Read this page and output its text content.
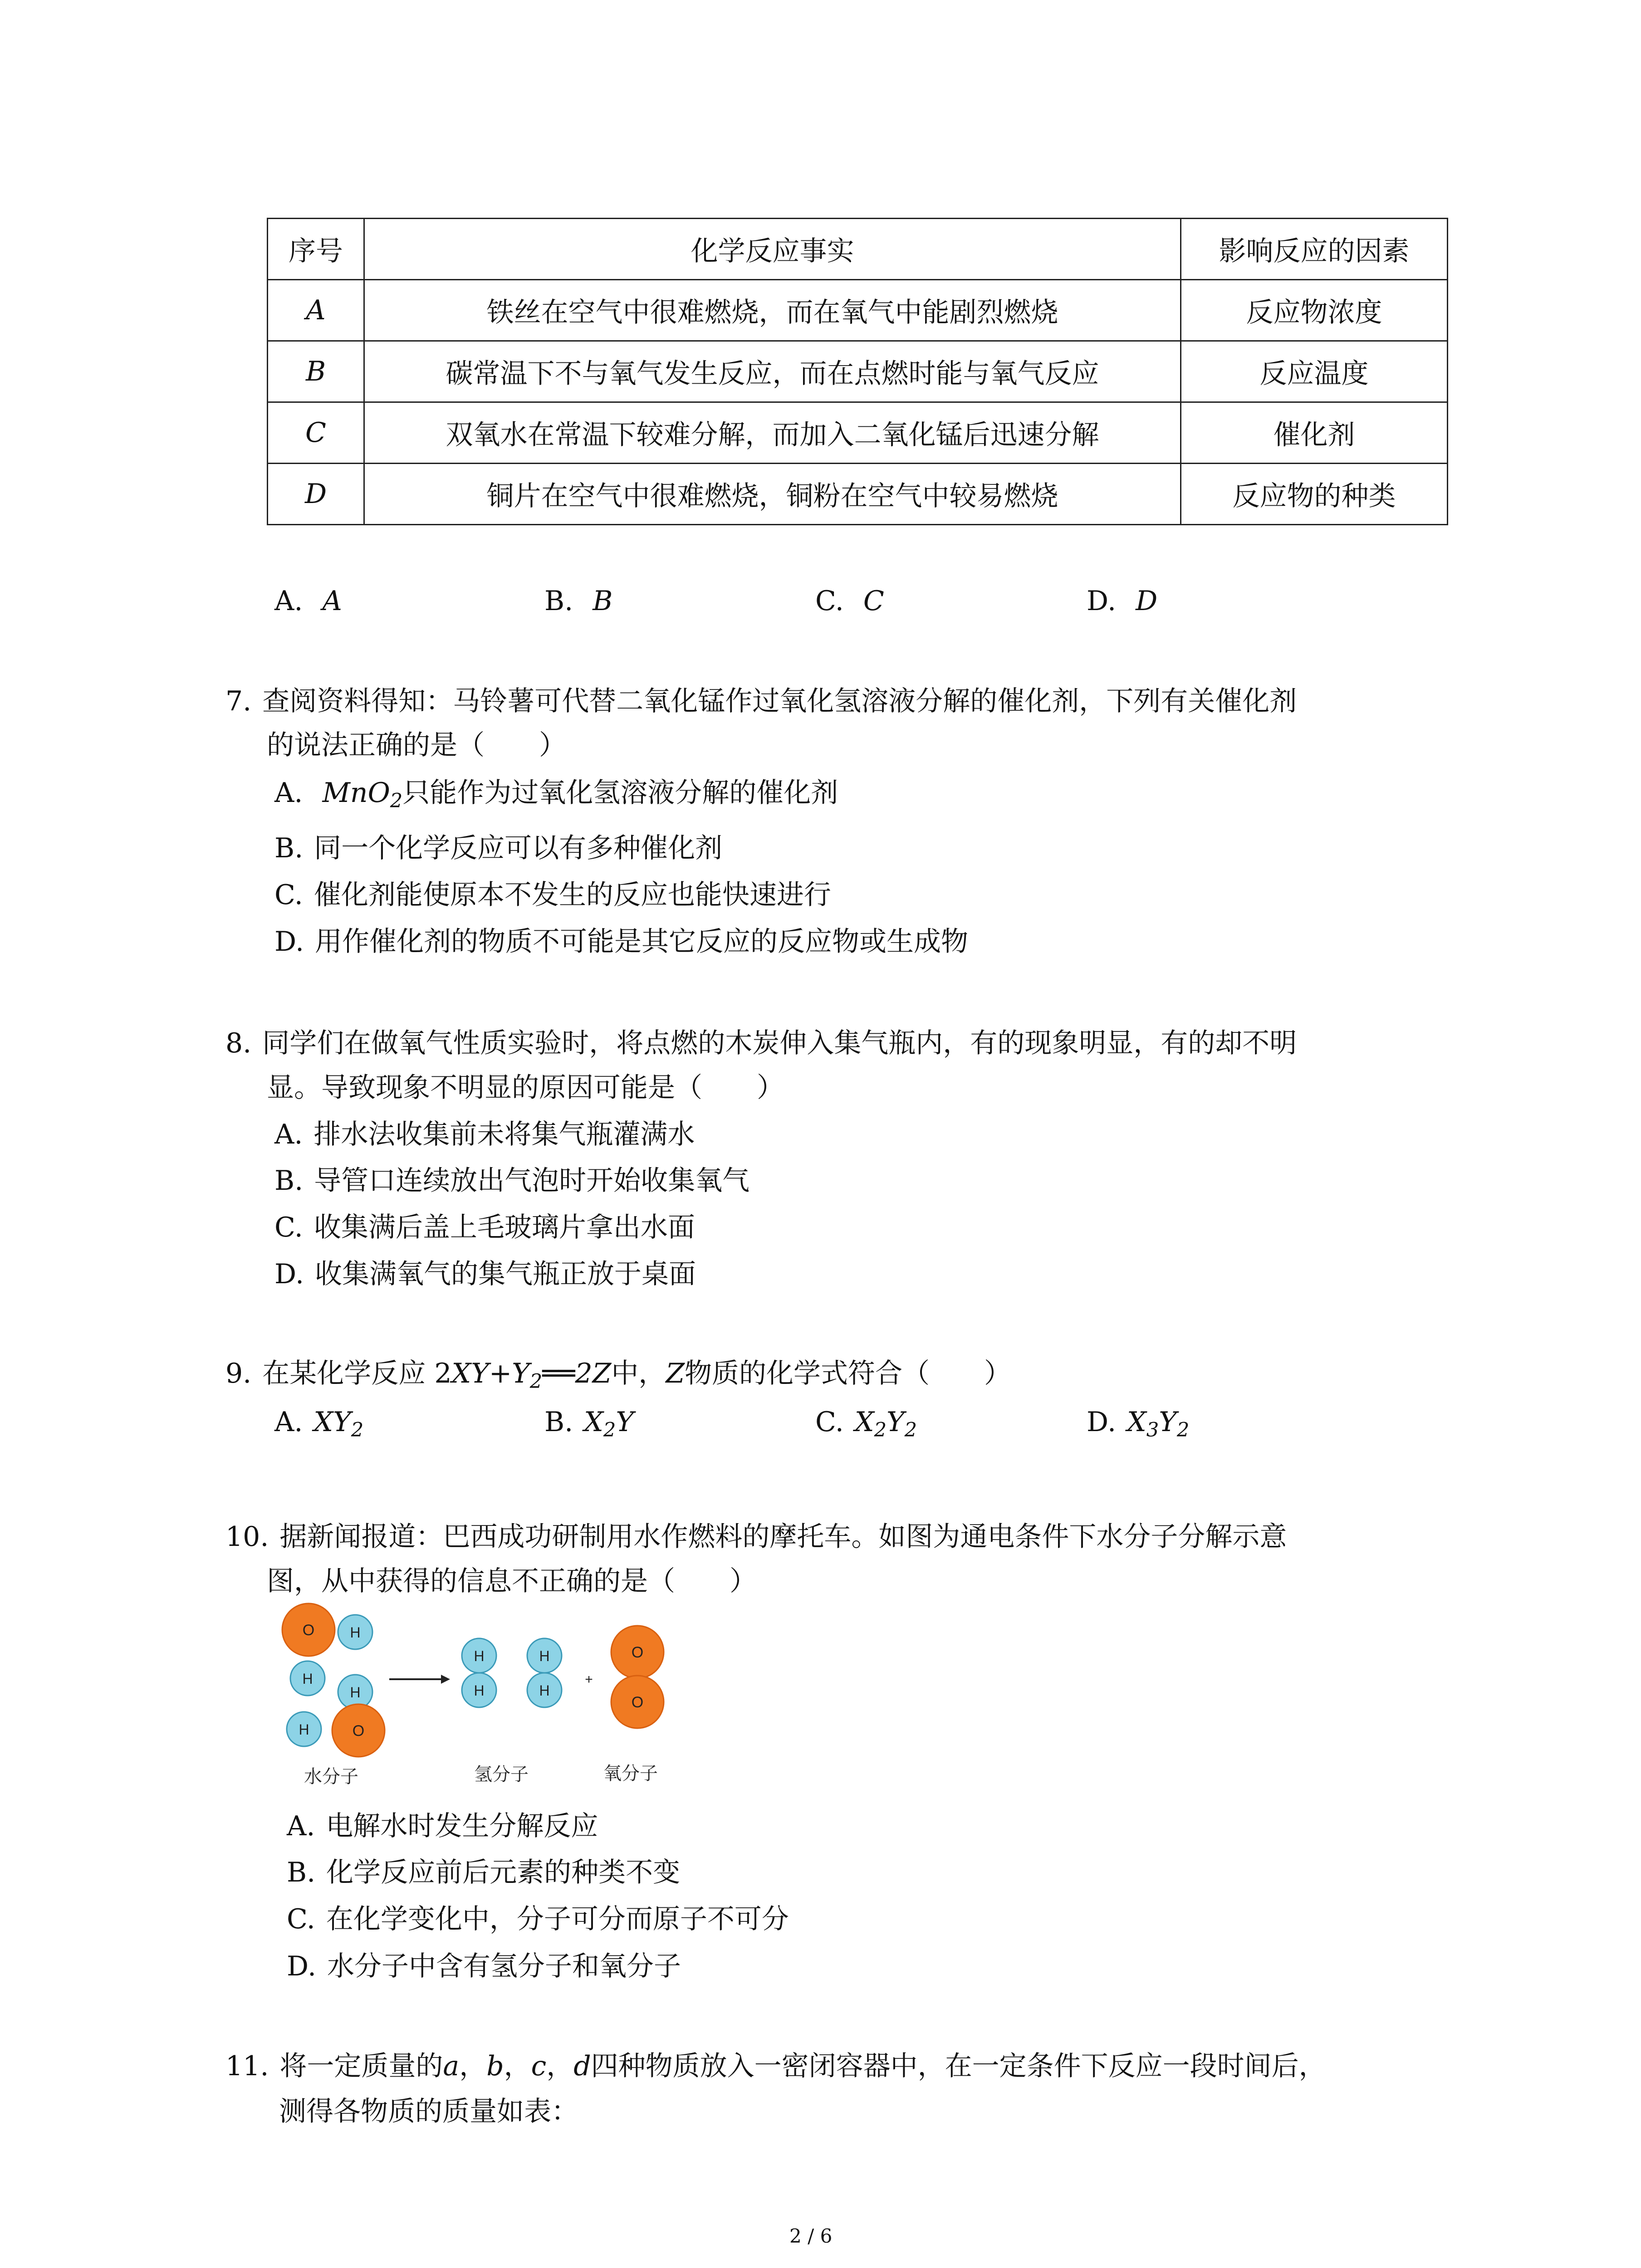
序号	化学反应事实	影响反应的因素
A	铁丝在空气中很难燃烧，而在氧气中能剧烈燃烧	反应物浓度
B	碳常温下不与氧气发生反应，而在点燃时能与氧气反应	反应温度
C	双氧水在常温下较难分解，而加入二氧化锰后迅速分解	催化剂
D	铜片在空气中很难燃烧，铜粉在空气中较易燃烧	反应物的种类
A. A	B. B	C. C	D. D
7. 查阅资料得知：马铃薯可代替二氧化锰作过氧化氢溶液分解的催化剂，下列有关催化剂
的说法正确的是（　　）
A. MnO$_2$只能作为过氧化氢溶液分解的催化剂
B. 同一个化学反应可以有多种催化剂
C. 催化剂能使原本不发生的反应也能快速进行
D. 用作催化剂的物质不可能是其它反应的反应物或生成物
8. 同学们在做氧气性质实验时，将点燃的木炭伸入集气瓶内，有的现象明显，有的却不明
显。导致现象不明显的原因可能是（　　）
A. 排水法收集前未将集气瓶灌满水
B. 导管口连续放出气泡时开始收集氧气
C. 收集满后盖上毛玻璃片拿出水面
D. 收集满氧气的集气瓶正放于桌面
9. 在某化学反应 $2XY+Y_2══2Z$中，Z物质的化学式符合（　　）
A. $XY_2$	B. $X_2Y$	C. $X_2Y_2$	D. $X_3Y_2$
10. 据新闻报道：巴西成功研制用水作燃料的摩托车。如图为通电条件下水分子分解示意
图，从中获得的信息不正确的是（　　）
O H
H
H
H	O
H
H
H
H
+
O
O
水分子	氢分子	氧分子
A. 电解水时发生分解反应
B. 化学反应前后元素的种类不变
C. 在化学变化中，分子可分而原子不可分
D. 水分子中含有氢分子和氧分子
11. 将一定质量的a，b，c，d四种物质放入一密闭容器中，在一定条件下反应一段时间后，
测得各物质的质量如表：
2 / 6
